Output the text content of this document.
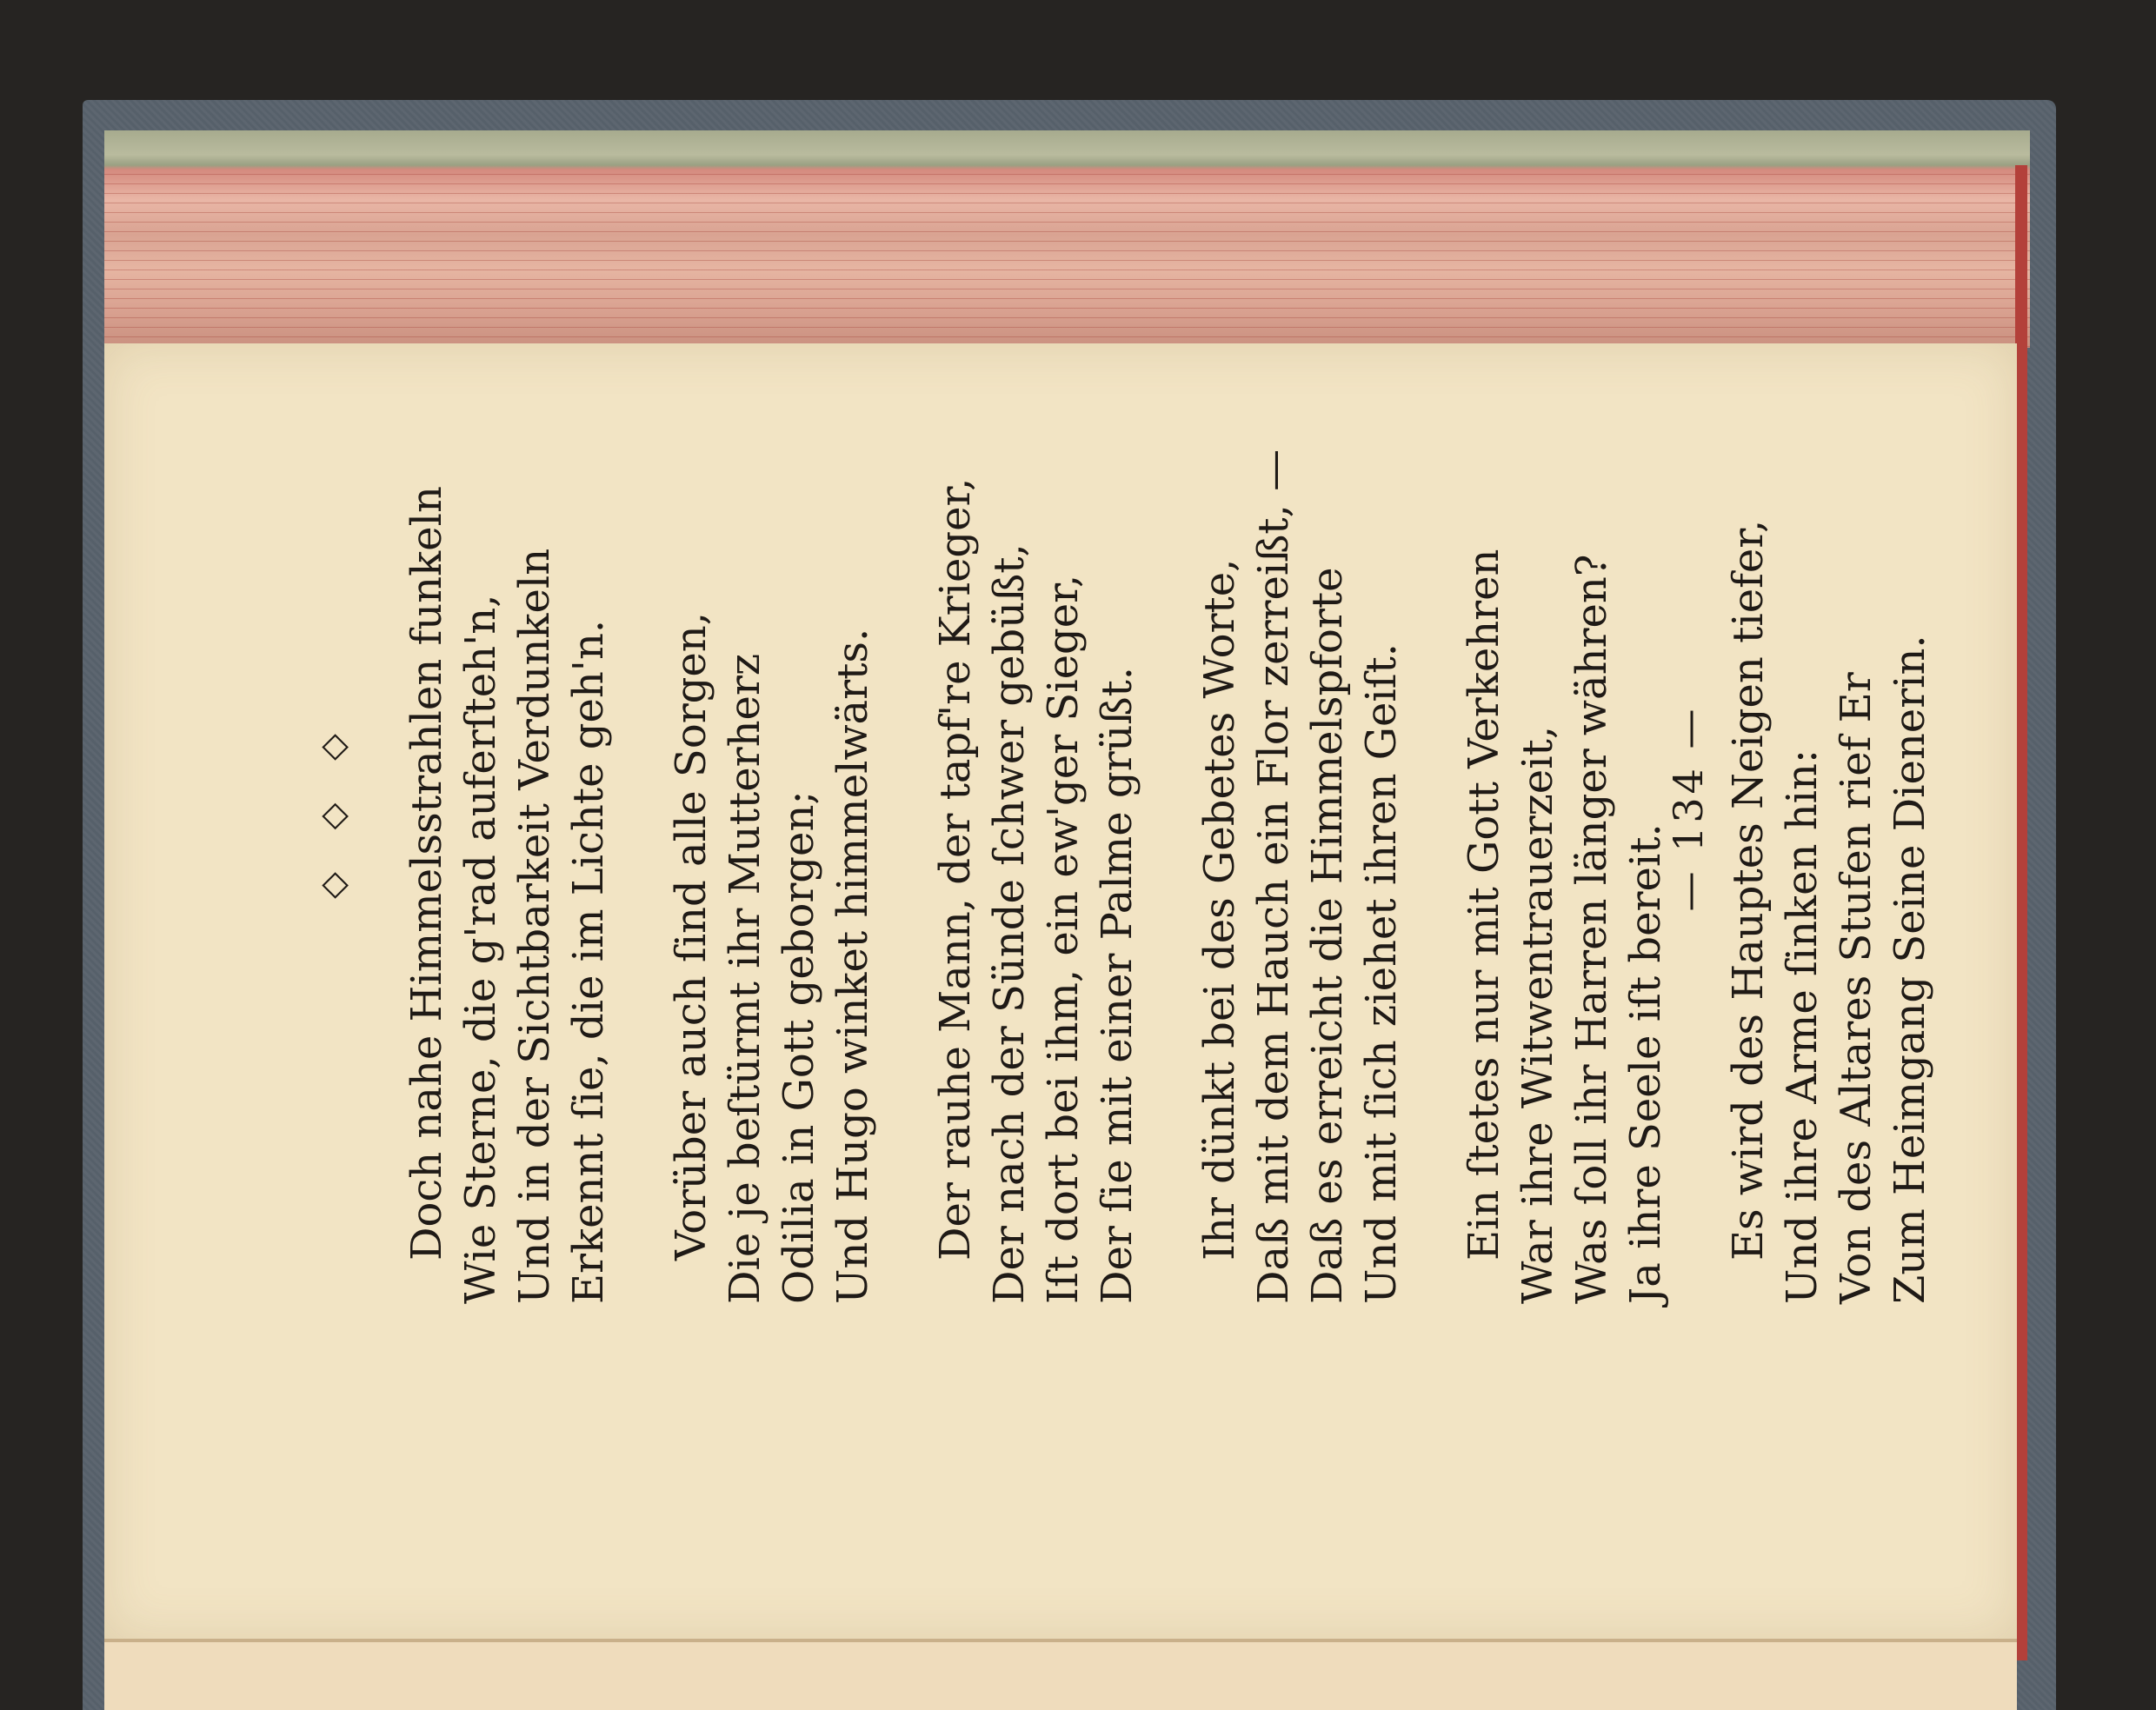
— 134 —
Doch nahe Himmelsstrahlen funkeln Wie Sterne, die g'rad auferſteh'n, Und in der Sichtbarkeit Verdunkeln Erkennt ſie, die im Lichte geh'n. Vorüber auch ſind alle Sorgen, Die je beſtürmt ihr Mutterherz Odilia in Gott geborgen; Und Hugo winket himmelwärts. Der rauhe Mann, der tapf're Krieger, Der nach der Sünde ſchwer gebüßt, Iſt dort bei ihm, ein ew'ger Sieger, Der ſie mit einer Palme grüßt. Ihr dünkt bei des Gebetes Worte, Daß mit dem Hauch ein Flor zerreißt, — Daß es erreicht die Himmelspforte Und mit ſich ziehet ihren Geiſt. Ein ſtetes nur mit Gott Verkehren War ihre Witwentrauerzeit, Was ſoll ihr Harren länger währen? Ja ihre Seele iſt bereit. Es wird des Hauptes Neigen tiefer, Und ihre Arme ſinken hin: Von des Altares Stufen rief Er Zum Heimgang Seine Dienerin.
◇ ◇ ◇
